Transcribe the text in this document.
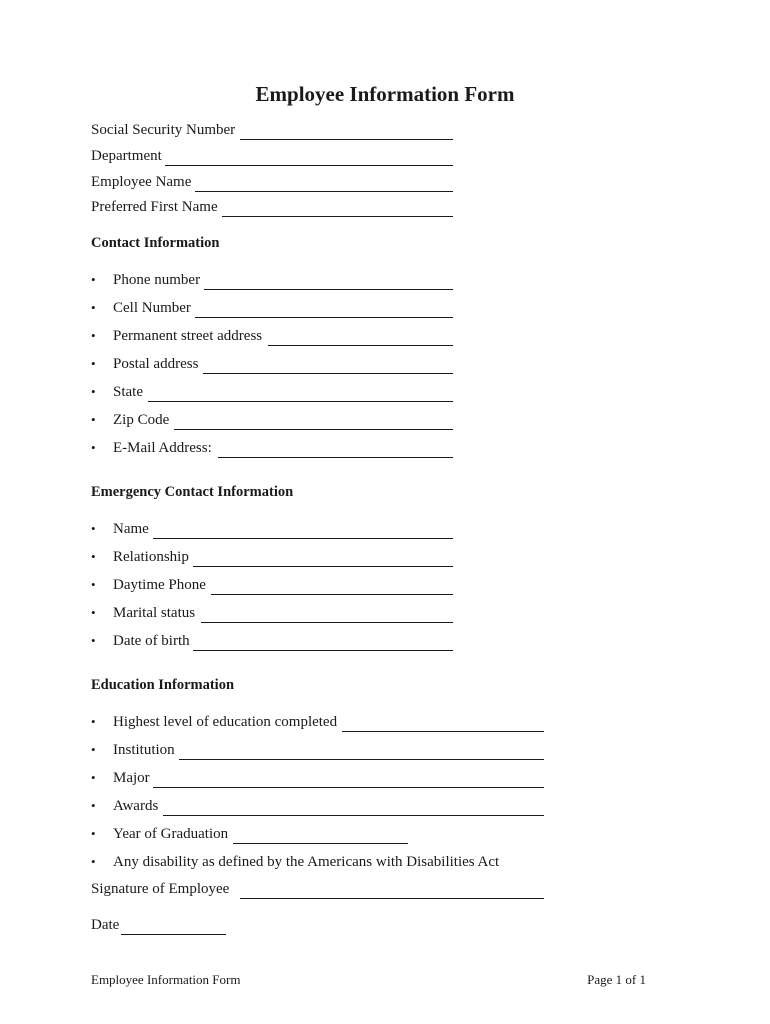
Employee Information Form
Social Security Number
Department
Employee Name
Preferred First Name
Contact Information
• Phone number
• Cell Number
• Permanent street address
• Postal address
• State
• Zip Code
• E-Mail Address:
Emergency Contact Information
• Name
• Relationship
• Daytime Phone
• Marital status
• Date of birth
Education Information
• Highest level of education completed
• Institution
• Major
• Awards
• Year of Graduation
• Any disability as defined by the Americans with Disabilities Act
Signature of Employee
Date
Employee Information Form	Page 1 of 1
